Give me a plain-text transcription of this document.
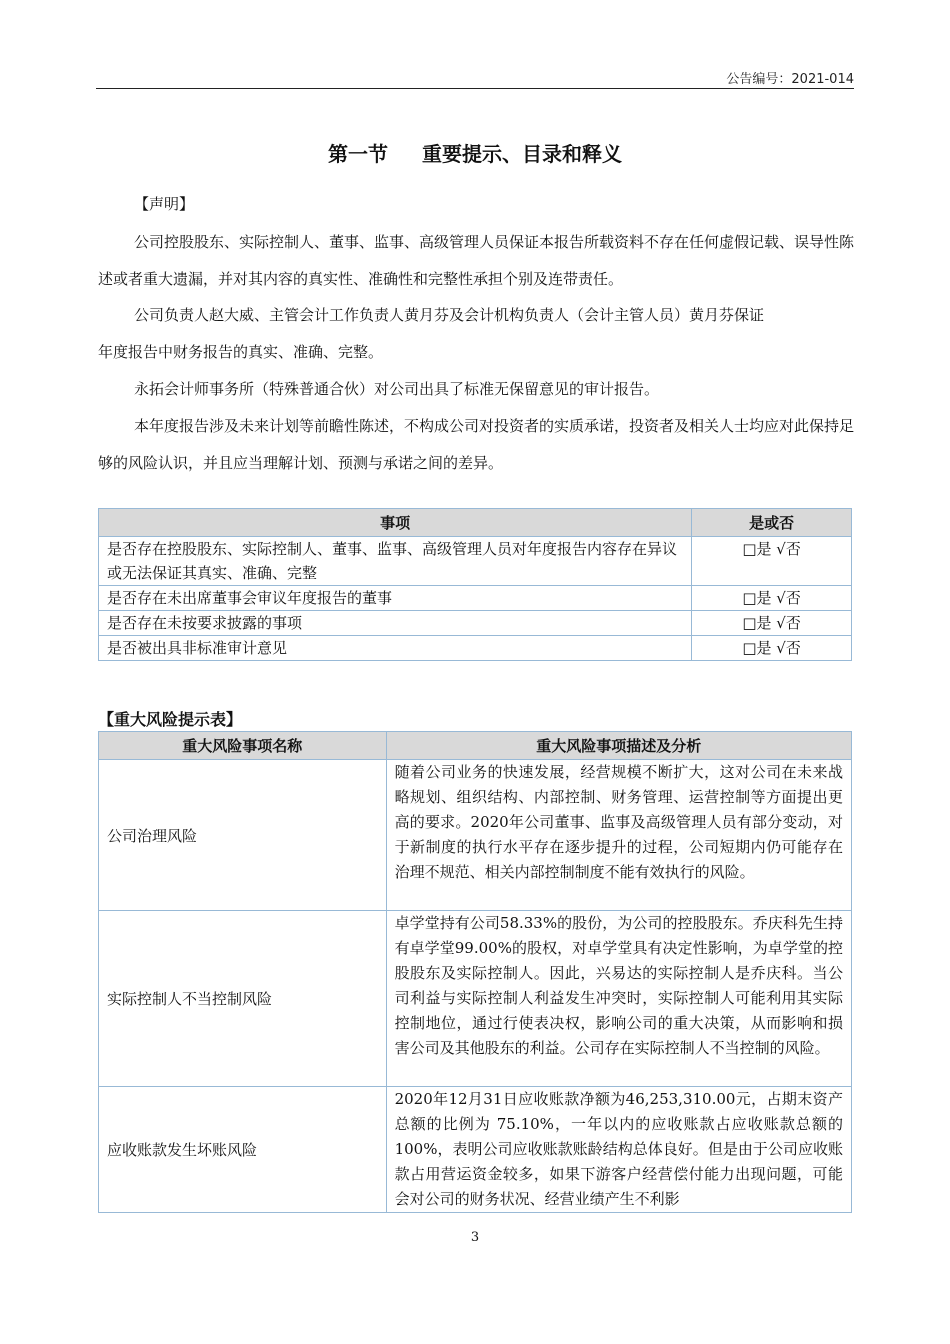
公告编号：2021-014
第一节 重要提示、目录和释义

【声明】

公司控股股东、实际控制人、董事、监事、高级管理人员保证本报告所载资料不存在任何虚假记载、误导性陈述或者重大遗漏，并对其内容的真实性、准确性和完整性承担个别及连带责任。

公司负责人赵大威、主管会计工作负责人黄月芬及会计机构负责人（会计主管人员）黄月芬保证

年度报告中财务报告的真实、准确、完整。

永拓会计师事务所（特殊普通合伙）对公司出具了标准无保留意见的审计报告。

本年度报告涉及未来计划等前瞻性陈述，不构成公司对投资者的实质承诺，投资者及相关人士均应对此保持足够的风险认识，并且应当理解计划、预测与承诺之间的差异。

事项	是或否
是否存在控股股东、实际控制人、董事、监事、高级管理人员对年度报告内容存在异议或无法保证其真实、准确、完整	□是 √否
是否存在未出席董事会审议年度报告的董事	□是 √否
是否存在未按要求披露的事项	□是 √否
是否被出具非标准审计意见	□是 √否
【重大风险提示表】
重大风险事项名称	重大风险事项描述及分析
公司治理风险	随着公司业务的快速发展，经营规模不断扩大，这对公司在未来战略规划、组织结构、内部控制、财务管理、运营控制等方面提出更高的要求。2020年公司董事、监事及高级管理人员有部分变动，对于新制度的执行水平存在逐步提升的过程，公司短期内仍可能存在治理不规范、相关内部控制制度不能有效执行的风险。
实际控制人不当控制风险	卓学堂持有公司58.33%的股份，为公司的控股股东。乔庆科先生持有卓学堂99.00%的股权，对卓学堂具有决定性影响，为卓学堂的控股股东及实际控制人。因此，兴易达的实际控制人是乔庆科。当公司利益与实际控制人利益发生冲突时，实际控制人可能利用其实际控制地位，通过行使表决权，影响公司的重大决策，从而影响和损害公司及其他股东的利益。公司存在实际控制人不当控制的风险。
应收账款发生坏账风险	2020年12月31日应收账款净额为46,253,310.00元，占期末资产总额的比例为 75.10%，一年以内的应收账款占应收账款总额的 100%，表明公司应收账款账龄结构总体良好。但是由于公司应收账款占用营运资金较多，如果下游客户经营偿付能力出现问题，可能会对公司的财务状况、经营业绩产生不利影
3
